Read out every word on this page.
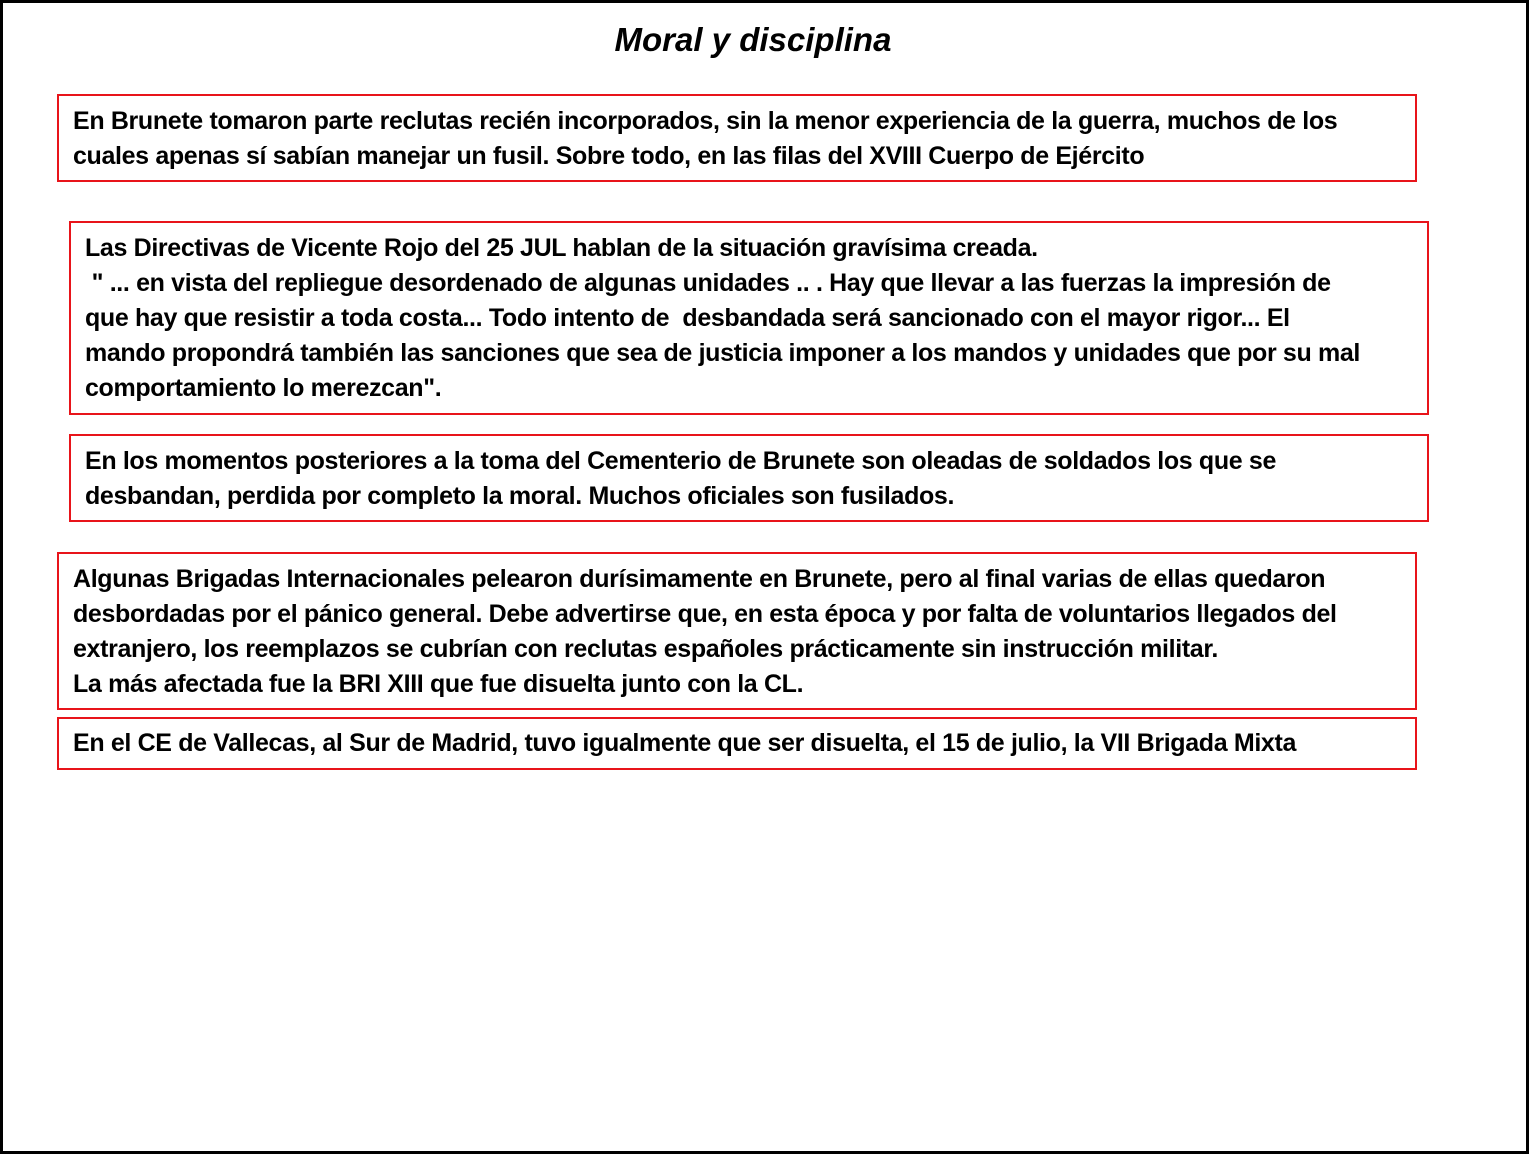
Moral y disciplina
En Brunete tomaron parte reclutas recién incorporados, sin la menor experiencia de la guerra, muchos de los
cuales apenas sí sabían manejar un fusil. Sobre todo, en las filas del XVIII Cuerpo de Ejército
Las Directivas de Vicente Rojo del 25 JUL hablan de la situación gravísima creada.
" ... en vista del repliegue desordenado de algunas unidades .. . Hay que llevar a las fuerzas la impresión de
que hay que resistir a toda costa... Todo intento de  desbandada será sancionado con el mayor rigor... El
mando propondrá también las sanciones que sea de justicia imponer a los mandos y unidades que por su mal
comportamiento lo merezcan".
En los momentos posteriores a la toma del Cementerio de Brunete son oleadas de soldados los que se
desbandan, perdida por completo la moral. Muchos oficiales son fusilados.
Algunas Brigadas Internacionales pelearon durísimamente en Brunete, pero al final varias de ellas quedaron
desbordadas por el pánico general. Debe advertirse que, en esta época y por falta de voluntarios llegados del
extranjero, los reemplazos se cubrían con reclutas españoles prácticamente sin instrucción militar.
La más afectada fue la BRI XIII que fue disuelta junto con la CL.
En el CE de Vallecas, al Sur de Madrid, tuvo igualmente que ser disuelta, el 15 de julio, la VII Brigada Mixta
